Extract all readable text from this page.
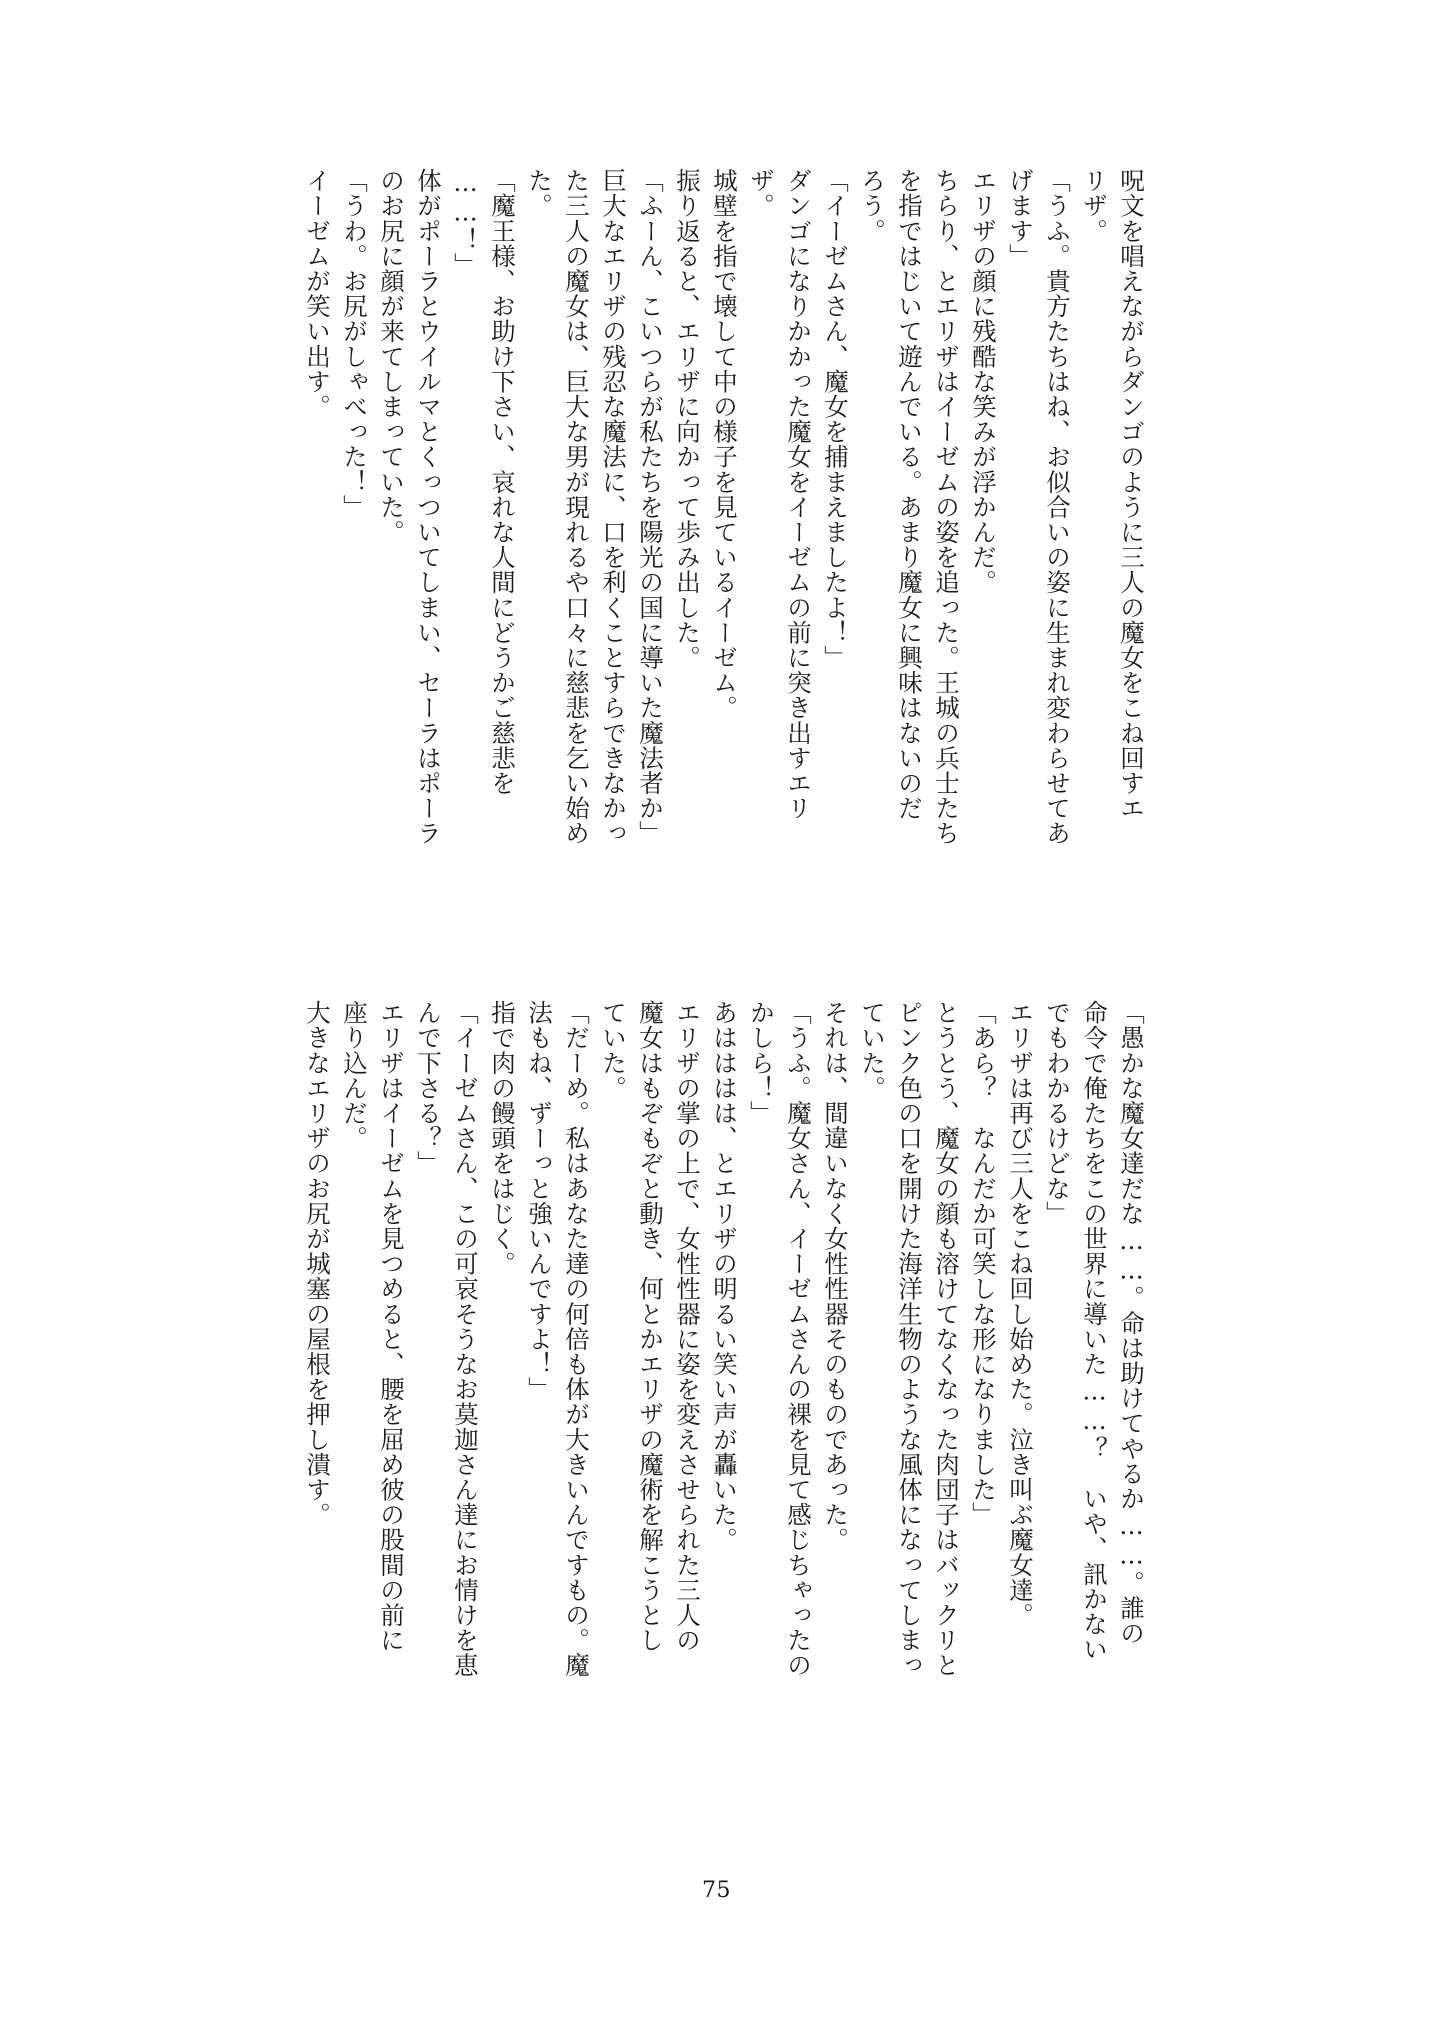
呪文を唱えながらダンゴのように三人の魔女をこね回すエ
リザ。
「うふ。貴方たちはね、お似合いの姿に生まれ変わらせてあ
げます」
エリザの顔に残酷な笑みが浮かんだ。
ちらり、とエリザはイーゼムの姿を追った。王城の兵士たち
を指ではじいて遊んでいる。あまり魔女に興味はないのだ
ろう。
「イーゼムさん、魔女を捕まえましたよ！」
ダンゴになりかかった魔女をイーゼムの前に突き出すエリ
ザ。
城壁を指で壊して中の様子を見ているイーゼム。
振り返ると、エリザに向かって歩み出した。
「ふーん、こいつらが私たちを陽光の国に導いた魔法者か」
巨大なエリザの残忍な魔法に、口を利くことすらできなかっ
た三人の魔女は、巨大な男が現れるや口々に慈悲を乞い始め
た。
「魔王様、お助け下さい、哀れな人間にどうかご慈悲を
……！」
体がポーラとウイルマとくっついてしまい、セーラはポーラ
のお尻に顔が来てしまっていた。
「うわ。お尻がしゃべった！」
イーゼムが笑い出す。
「愚かな魔女達だな……。命は助けてやるか……。誰の
命令で俺たちをこの世界に導いた……？　いや、訊かない
でもわかるけどな」
エリザは再び三人をこね回し始めた。泣き叫ぶ魔女達。
「あら？　なんだか可笑しな形になりました」
とうとう、魔女の顔も溶けてなくなった肉団子はバックリと
ピンク色の口を開けた海洋生物のような風体になってしまっ
ていた。
それは、間違いなく女性性器そのものであった。
「うふ。魔女さん、イーゼムさんの裸を見て感じちゃったの
かしら！」
あはははは、とエリザの明るい笑い声が轟いた。
エリザの掌の上で、女性性器に姿を変えさせられた三人の
魔女はもぞもぞと動き、何とかエリザの魔術を解こうとし
ていた。
「だーめ。私はあなた達の何倍も体が大きいんですもの。魔
法もね、ずーっと強いんですよ！」
指で肉の饅頭をはじく。
「イーゼムさん、この可哀そうなお莫迦さん達にお情けを恵
んで下さる？」
エリザはイーゼムを見つめると、腰を屈め彼の股間の前に
座り込んだ。
大きなエリザのお尻が城塞の屋根を押し潰す。
75
